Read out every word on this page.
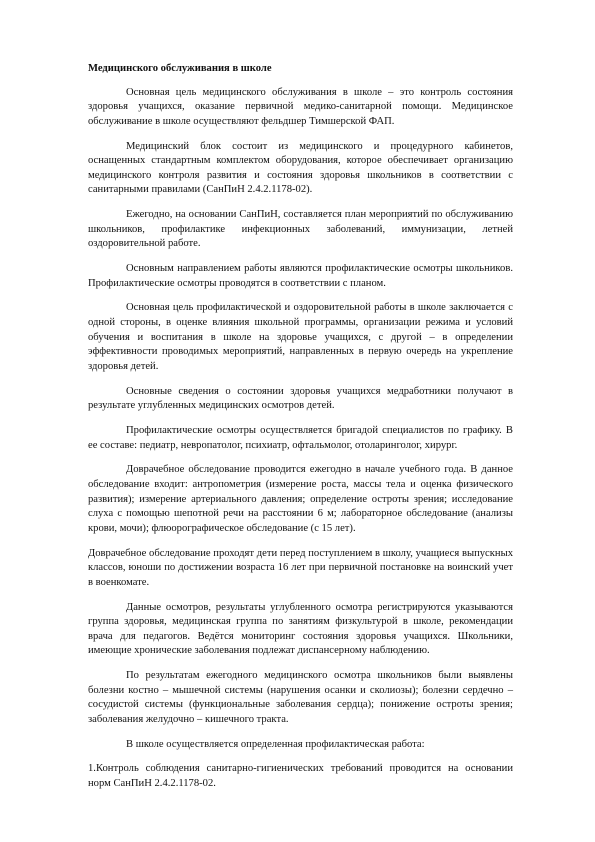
Медицинского обслуживания в школе

Основная цель медицинского обслуживания в школе – это контроль состояния здоровья учащихся, оказание первичной медико-санитарной помощи. Медицинское обслуживание в школе осуществляют фельдшер Тимшерской ФАП.

Медицинский блок состоит из медицинского и процедурного кабинетов, оснащенных стандартным комплектом оборудования, которое обеспечивает организацию медицинского контроля развития и состояния здоровья школьников в соответствии с санитарными правилами (СанПиН 2.4.2.1178-02).

Ежегодно, на основании СанПиН, составляется план мероприятий по обслуживанию школьников, профилактике инфекционных заболеваний, иммунизации, летней оздоровительной работе.

Основным направлением работы являются профилактические осмотры школьников. Профилактические осмотры проводятся в соответствии с планом.

Основная цель профилактической и оздоровительной работы в школе заключается с одной стороны, в оценке влияния школьной программы, организации режима и условий обучения и воспитания в школе на здоровье учащихся, с другой – в определении эффективности проводимых мероприятий, направленных в первую очередь на укрепление здоровья детей.

Основные сведения о состоянии здоровья учащихся медработники получают в результате углубленных медицинских осмотров детей.

Профилактические осмотры осуществляется бригадой специалистов по графику. В ее составе: педиатр, невропатолог, психиатр, офтальмолог, отоларинголог, хирург.

Доврачебное обследование проводится ежегодно в начале учебного года. В данное обследование входит: антропометрия (измерение роста, массы тела и оценка физического развития); измерение артериального давления; определение остроты зрения; исследование слуха с помощью шепотной речи на расстоянии 6 м; лабораторное обследование (анализы крови, мочи); флюорографическое обследование (с 15 лет).

Доврачебное обследование проходят дети перед поступлением в школу, учащиеся выпускных классов, юноши по достижении возраста 16 лет при первичной постановке на воинский учет в военкомате.

Данные осмотров, результаты углубленного осмотра регистрируются указываются группа здоровья, медицинская группа по занятиям физкультурой в школе, рекомендации врача для педагогов. Ведётся мониторинг состояния здоровья учащихся. Школьники, имеющие хронические заболевания подлежат диспансерному наблюдению.

По результатам ежегодного медицинского осмотра школьников были выявлены болезни костно – мышечной системы (нарушения осанки и сколиозы); болезни сердечно – сосудистой системы (функциональные заболевания сердца); понижение остроты зрения; заболевания желудочно – кишечного тракта.

В школе осуществляется определенная профилактическая работа:

1.Контроль соблюдения санитарно-гигиенических требований проводится на основании норм СанПиН 2.4.2.1178-02.
